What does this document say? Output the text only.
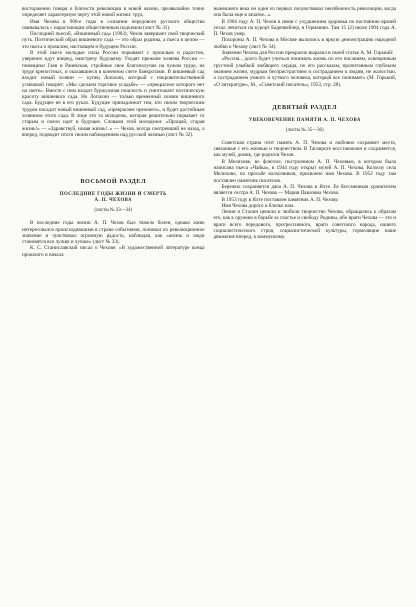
восторженно говоря о близости революции в новой жизни, чрезвычайно точно определяет характерную черту этой новой жизни: труд.

Имя Чехова в 900-е годы в сознании передового русского общества связывалось с нарастающим общественным подъемом (лист № 31).

Последней пьесой, «Вишневый сад» (1903), Чехов завершает свой творческий путь. Поэтический образ вишневого сада — это образ родины, а пьеса в целом — это пьеса о прошлом, настоящем и будущем России.

В этой пьесе молодые силы России порывают с прошлым и радостно, уверенно идут вперед, навстречу будущему. Уходят прежние хозяева России — помещики Гаев и Раневская, стройные свое благополучие на чужом труде, на труде крепостных, и оказавшиеся в конечном счете банкротами. В вишневый сад входит новый хозяин — купец Лопахин, который с покровительственной усмешкой говорит: «Мы сделаем торговое усадьбе» — «прекрасное которого нет на свете». Вместе с ним входит буржуазная пошлость и уничтожает поэтическую красоту вишневого сада. Но Лопахин — только временный хозяин вишневого сада. Будущее не в его руках. Будущее принадлежит тем, кто своим творческим трудом насадит новый вишневый сад, «прекраснее прежнего», и будет достойным хозяином этого сада. В лице это та молодежь, которая решительно порывает со старым и смело идет в будущее. Словами этой молодежи: «Прощай, старая жизнь!» — «Здравствуй, новая жизнь!..» — Чехов, всегда смотревший не назад, а вперед, подводит итоги своим наблюдениям над русской жизнью (лист № 32).

ВОСЬМОЙ РАЗДЕЛ
ПОСЛЕДНИЕ ГОДЫ ЖИЗНИ И СМЕРТЬ
А. П. ЧЕХОВА
(листы № 33—34)

В последние годы жизни А. П. Чехов был тяжело болен, однако живо интересовался происходившими в стране событиями, понимал их революционное значение и чувствовал огромную радость, наблюдая, как «жизнь и люди становятся все лучше и лучше» (лист № 33).

К. С. Станиславский писал о Чехове: «В художественной литературе конца прошлого и начала

нынешнего века он один из первых почувствовал неизбежность революции, когда она была еще в зачатке...».

В 1904 году А. П. Чехов в связи с ухудшением здоровья по настоянию врачей уехал лечиться на курорт Баденвейлер, в Германию. Там 15 (2) июля 1904 года А. П. Чехов умер.

Похороны А. П. Чехова в Москве вылились в яркую демонстрацию народной любви к Чехову (лист № 34).

Значение Чехова для России прекрасно выразил в своей статье А. М. Горький:

«Россия... долго будет учиться понимать жизнь по его писаниям, освещенным грустной улыбкой любящего сердца, по его рассказам, пропитанным глубоким знанием жизни, мудрым беспристрастием и состраданием к людям, не жалостью, а состраданием умного и чуткого человека, который все понимает» (М. Горький, «О литературе», М., «Советский писатель», 1953, стр. 28).

ДЕВЯТЫЙ РАЗДЕЛ
УВЕКОВЕЧЕНИЕ ПАМЯТИ А. П. ЧЕХОВА
(листы № 35—36)

Советская страна чтит память А. П. Чехова и любовно сохраняет места, связанные с его жизнью и творчеством. В Таганроге восстановлен и сохраняется, как музей, домик, где родился Чехов.

В Мелихове, во флигеле, построенном А. П. Чеховым, в котором была написана пьеса «Чайка», в 1944 году открыт музей А. П. Чехова. Колхозу села Мелихово, по просьбе колхозников, присвоено имя Чехова. В 1952 году там поставлен памятник писателю.

Бережно сохраняется дача А. П. Чехова в Ялте. Ее бессменным хранителем является сестра А. П. Чехова — Мария Павловна Чехова.

В 1953 году в Ялте поставлен памятник А. П. Чехову.

Имя Чехова дорого и близко нам.

Ленин и Сталин ценили и любили творчество Чехова, обращались к образам его, как к оружию в борьбе за счастье и свободу Родины, ибо враги Чехова — это и враги всего передового, прогрессивного, враги советского народа, нашего социалистического строя, социалистической культуры, тормозящие наше движение вперед, к коммунизму.
